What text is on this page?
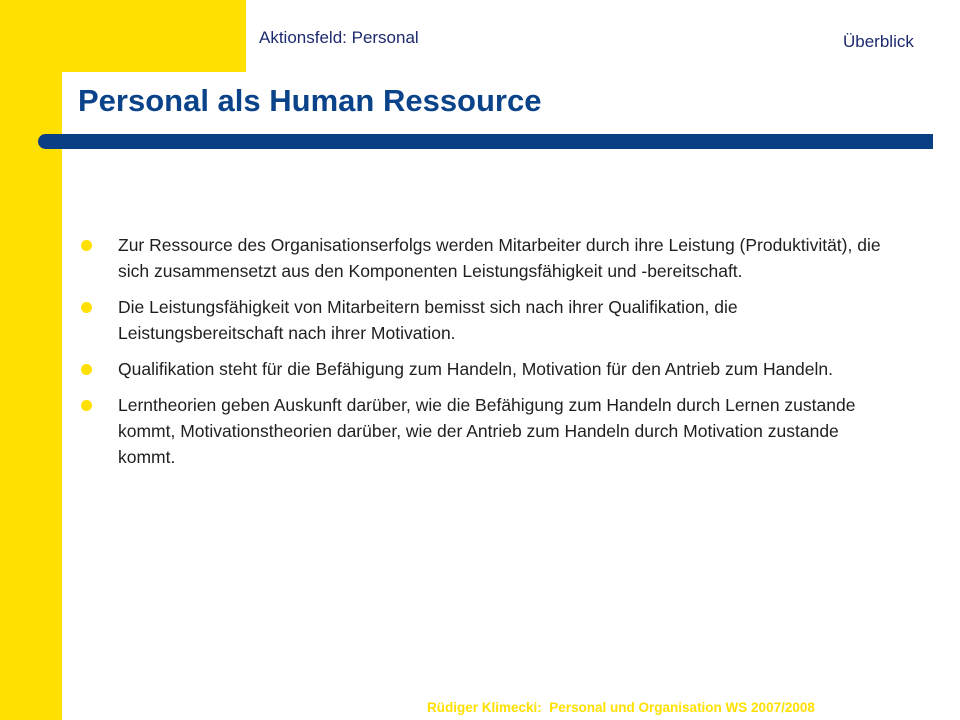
Aktionsfeld: Personal	Überblick
Personal als Human Ressource
Zur Ressource des Organisationserfolgs werden Mitarbeiter durch ihre Leistung (Produktivität), die sich zusammensetzt aus den Komponenten Leistungsfähigkeit und -bereitschaft.
Die Leistungsfähigkeit von Mitarbeitern bemisst sich nach ihrer Qualifikation, die Leistungsbereitschaft nach ihrer Motivation.
Qualifikation steht für die Befähigung zum Handeln, Motivation für den Antrieb zum Handeln.
Lerntheorien geben Auskunft darüber, wie die Befähigung zum Handeln durch Lernen zustande kommt, Motivationstheorien darüber, wie der Antrieb zum Handeln durch Motivation zustande kommt.
Rüdiger Klimecki:  Personal und Organisation WS 2007/2008
